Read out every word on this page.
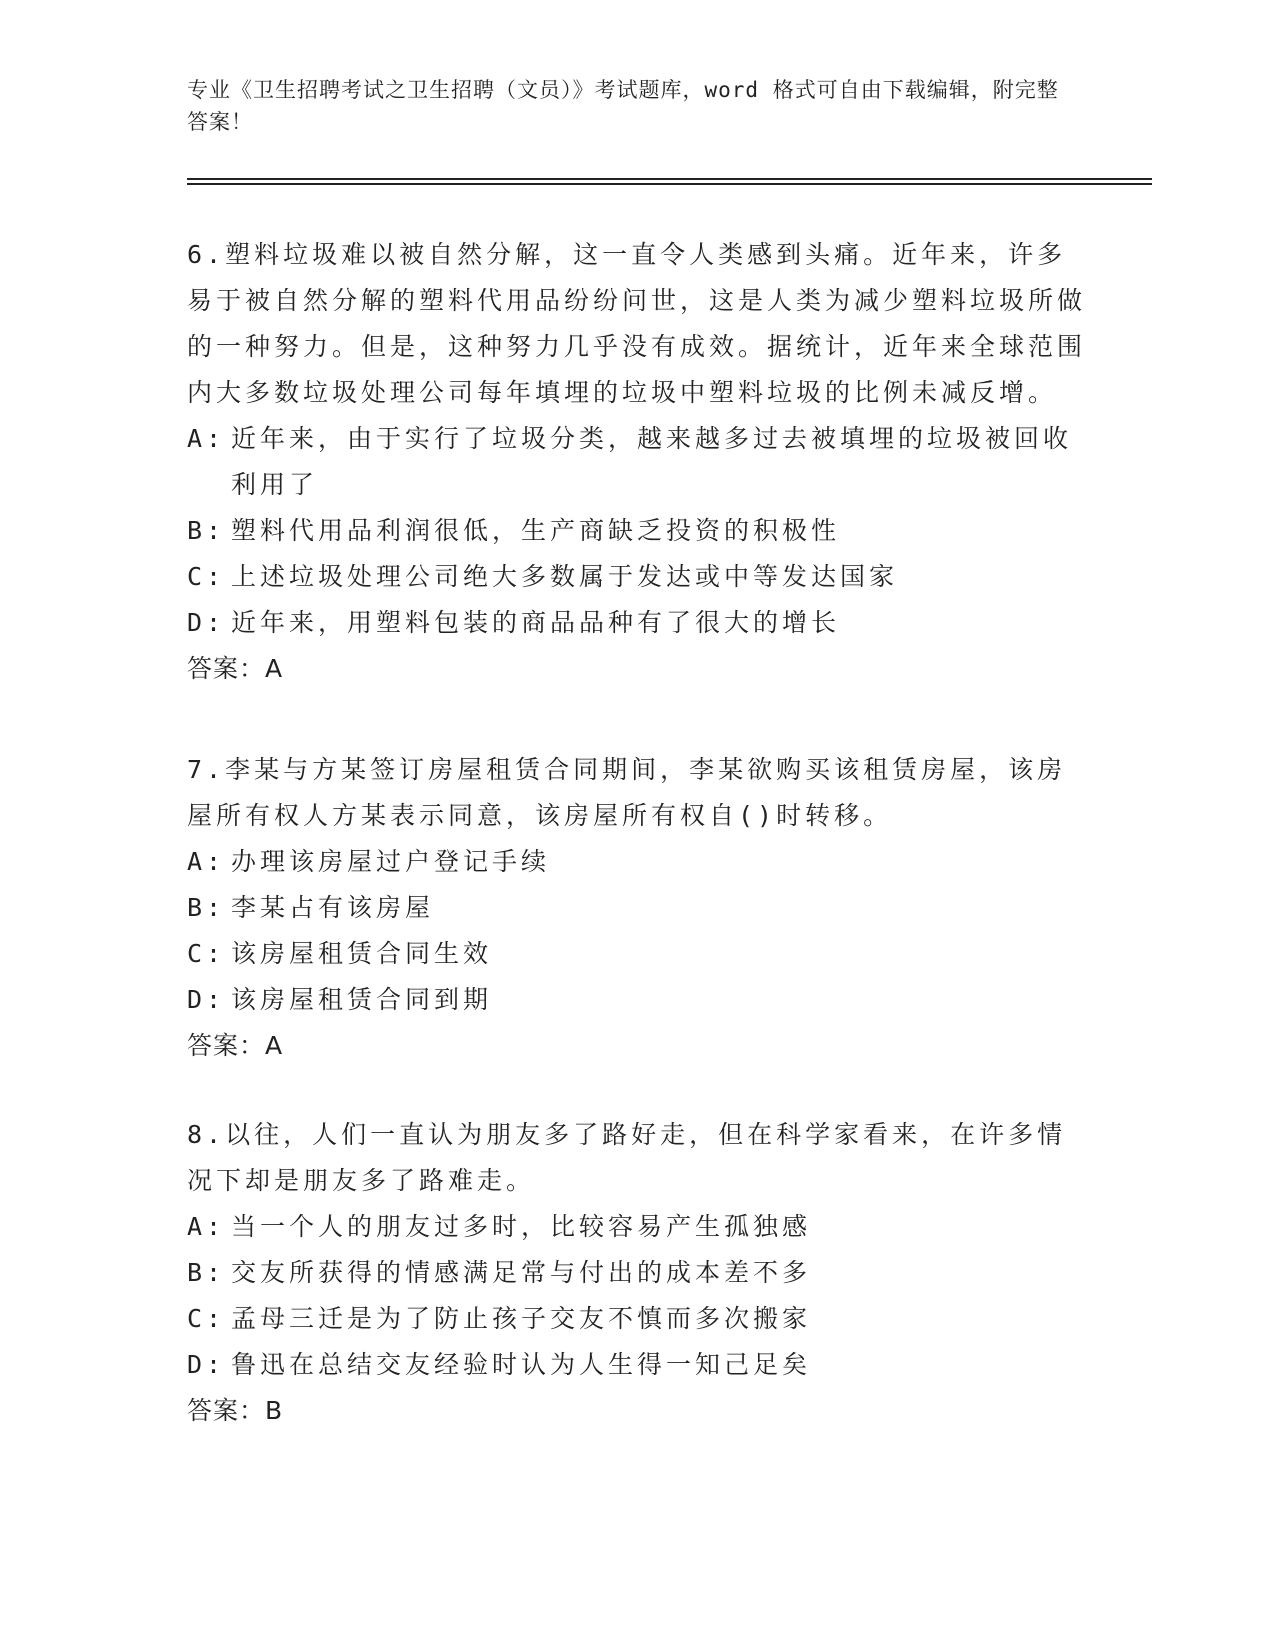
专业《卫生招聘考试之卫生招聘（文员）》考试题库，word 格式可自由下载编辑，附完整答案！

6.塑料垃圾难以被自然分解，这一直令人类感到头痛。近年来，许多易于被自然分解的塑料代用品纷纷问世，这是人类为减少塑料垃圾所做的一种努力。但是，这种努力几乎没有成效。据统计，近年来全球范围内大多数垃圾处理公司每年填埋的垃圾中塑料垃圾的比例未减反增。

A: 近年来，由于实行了垃圾分类，越来越多过去被填埋的垃圾被回收利用了
B: 塑料代用品利润很低，生产商缺乏投资的积极性
C: 上述垃圾处理公司绝大多数属于发达或中等发达国家
D: 近年来，用塑料包装的商品品种有了很大的增长

答案：A

7.李某与方某签订房屋租赁合同期间，李某欲购买该租赁房屋，该房屋所有权人方某表示同意，该房屋所有权自()时转移。

A: 办理该房屋过户登记手续
B: 李某占有该房屋
C: 该房屋租赁合同生效
D: 该房屋租赁合同到期

答案：A

8.以往，人们一直认为朋友多了路好走，但在科学家看来，在许多情况下却是朋友多了路难走。

A: 当一个人的朋友过多时，比较容易产生孤独感
B: 交友所获得的情感满足常与付出的成本差不多
C: 孟母三迁是为了防止孩子交友不慎而多次搬家
D: 鲁迅在总结交友经验时认为人生得一知己足矣

答案：B
